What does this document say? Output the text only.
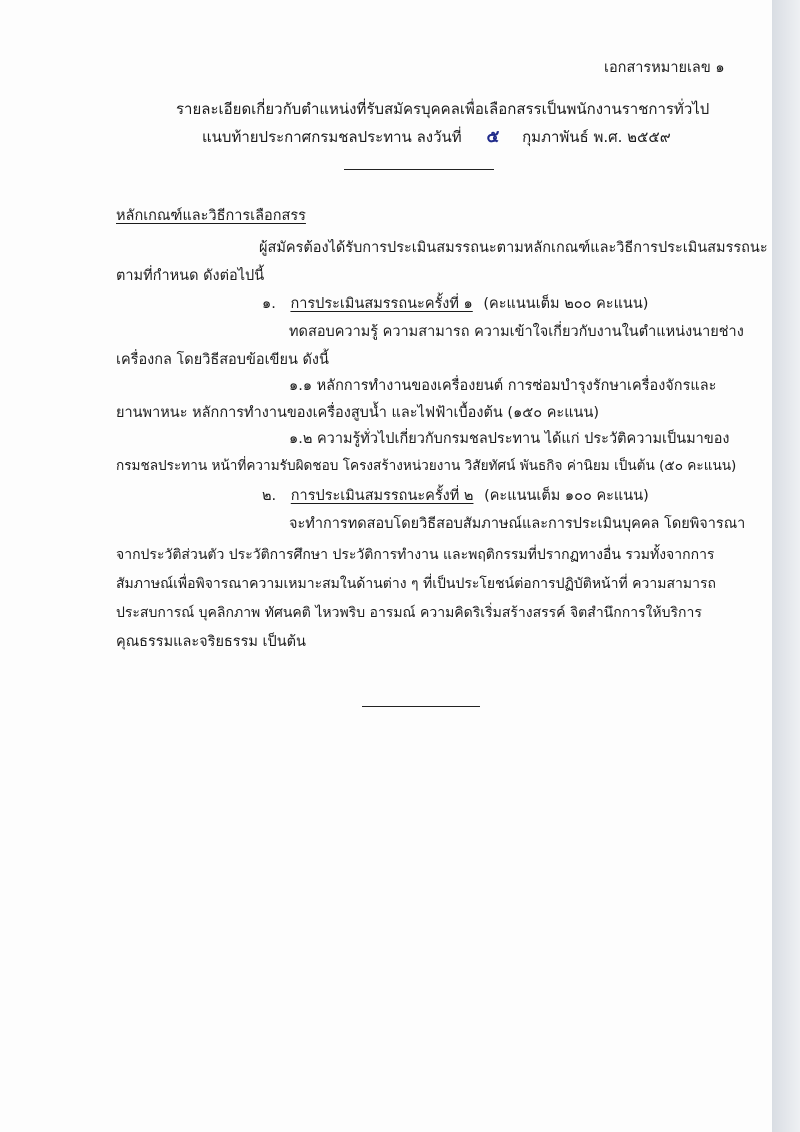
เอกสารหมายเลข ๑
รายละเอียดเกี่ยวกับตำแหน่งที่รับสมัครบุคคลเพื่อเลือกสรรเป็นพนักงานราชการทั่วไป
แนบท้ายประกาศกรมชลประทาน ลงวันที่ ๕ กุมภาพันธ์ พ.ศ. ๒๕๕๙
หลักเกณฑ์และวิธีการเลือกสรร
ผู้สมัครต้องได้รับการประเมินสมรรถนะตามหลักเกณฑ์และวิธีการประเมินสมรรถนะ
ตามที่กำหนด ดังต่อไปนี้
๑. การประเมินสมรรถนะครั้งที่ ๑ (คะแนนเต็ม ๒๐๐ คะแนน)
ทดสอบความรู้ ความสามารถ ความเข้าใจเกี่ยวกับงานในตำแหน่งนายช่าง
เครื่องกล โดยวิธีสอบข้อเขียน ดังนี้
๑.๑ หลักการทำงานของเครื่องยนต์ การซ่อมบำรุงรักษาเครื่องจักรและ
ยานพาหนะ หลักการทำงานของเครื่องสูบน้ำ และไฟฟ้าเบื้องต้น (๑๕๐ คะแนน)
๑.๒ ความรู้ทั่วไปเกี่ยวกับกรมชลประทาน ได้แก่ ประวัติความเป็นมาของ
กรมชลประทาน หน้าที่ความรับผิดชอบ โครงสร้างหน่วยงาน วิสัยทัศน์ พันธกิจ ค่านิยม เป็นต้น (๕๐ คะแนน)
๒. การประเมินสมรรถนะครั้งที่ ๒ (คะแนนเต็ม ๑๐๐ คะแนน)
จะทำการทดสอบโดยวิธีสอบสัมภาษณ์และการประเมินบุคคล โดยพิจารณา
จากประวัติส่วนตัว ประวัติการศึกษา ประวัติการทำงาน และพฤติกรรมที่ปรากฏทางอื่น รวมทั้งจากการ
สัมภาษณ์เพื่อพิจารณาความเหมาะสมในด้านต่าง ๆ ที่เป็นประโยชน์ต่อการปฏิบัติหน้าที่ ความสามารถ
ประสบการณ์ บุคลิกภาพ ทัศนคติ ไหวพริบ อารมณ์ ความคิดริเริ่มสร้างสรรค์ จิตสำนึกการให้บริการ
คุณธรรมและจริยธรรม เป็นต้น
